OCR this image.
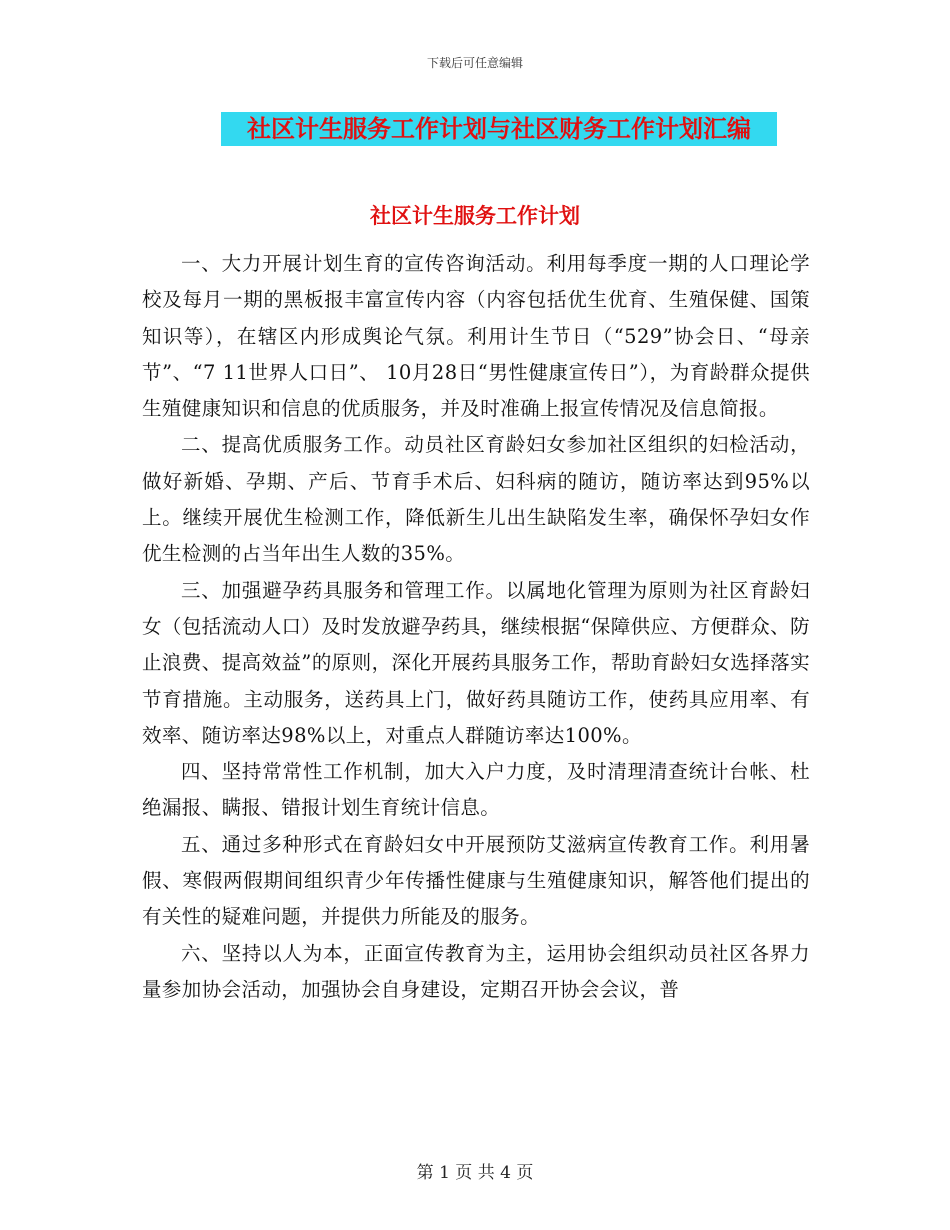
下载后可任意编辑
社区计生服务工作计划与社区财务工作计划汇编
社区计生服务工作计划

一、大力开展计划生育的宣传咨询活动。利用每季度一期的人口理论学校及每月一期的黑板报丰富宣传内容（内容包括优生优育、生殖保健、国策知识等），在辖区内形成舆论气氛。利用计生节日（“529”协会日、“母亲节”、“7 11世界人口日”、 10月28日“男性健康宣传日”），为育龄群众提供生殖健康知识和信息的优质服务，并及时准确上报宣传情况及信息简报。

二、提高优质服务工作。动员社区育龄妇女参加社区组织的妇检活动，做好新婚、孕期、产后、节育手术后、妇科病的随访，随访率达到95%以上。继续开展优生检测工作，降低新生儿出生缺陷发生率，确保怀孕妇女作优生检测的占当年出生人数的35%。

三、加强避孕药具服务和管理工作。以属地化管理为原则为社区育龄妇女（包括流动人口）及时发放避孕药具，继续根据“保障供应、方便群众、防止浪费、提高效益”的原则，深化开展药具服务工作，帮助育龄妇女选择落实节育措施。主动服务，送药具上门，做好药具随访工作，使药具应用率、有效率、随访率达98%以上，对重点人群随访率达100%。

四、坚持常常性工作机制，加大入户力度，及时清理清查统计台帐、杜绝漏报、瞒报、错报计划生育统计信息。

五、通过多种形式在育龄妇女中开展预防艾滋病宣传教育工作。利用暑假、寒假两假期间组织青少年传播性健康与生殖健康知识，解答他们提出的有关性的疑难问题，并提供力所能及的服务。

六、坚持以人为本，正面宣传教育为主，运用协会组织动员社区各界力量参加协会活动，加强协会自身建设，定期召开协会会议，普

第 1 页 共 4 页
